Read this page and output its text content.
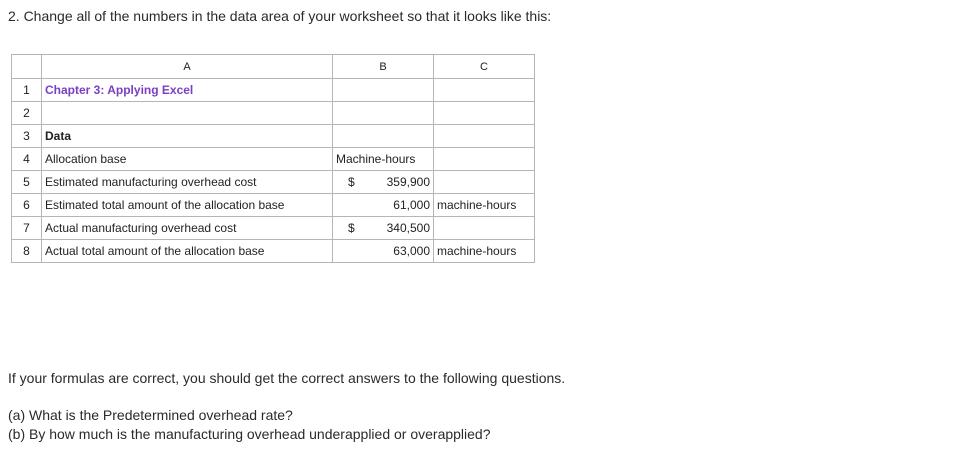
2. Change all of the numbers in the data area of your worksheet so that it looks like this:
	A	B	C
1	Chapter 3: Applying Excel		
2			
3	Data		
4	Allocation base	Machine-hours	
5	Estimated manufacturing overhead cost	$ 359,900	

6	Estimated total amount of the allocation base	61,000	machine-hours
7	Actual manufacturing overhead cost	$ 340,500	

8	Actual total amount of the allocation base	63,000	machine-hours
If your formulas are correct, you should get the correct answers to the following questions.
(a) What is the Predetermined overhead rate?
(b) By how much is the manufacturing overhead underapplied or overapplied?
